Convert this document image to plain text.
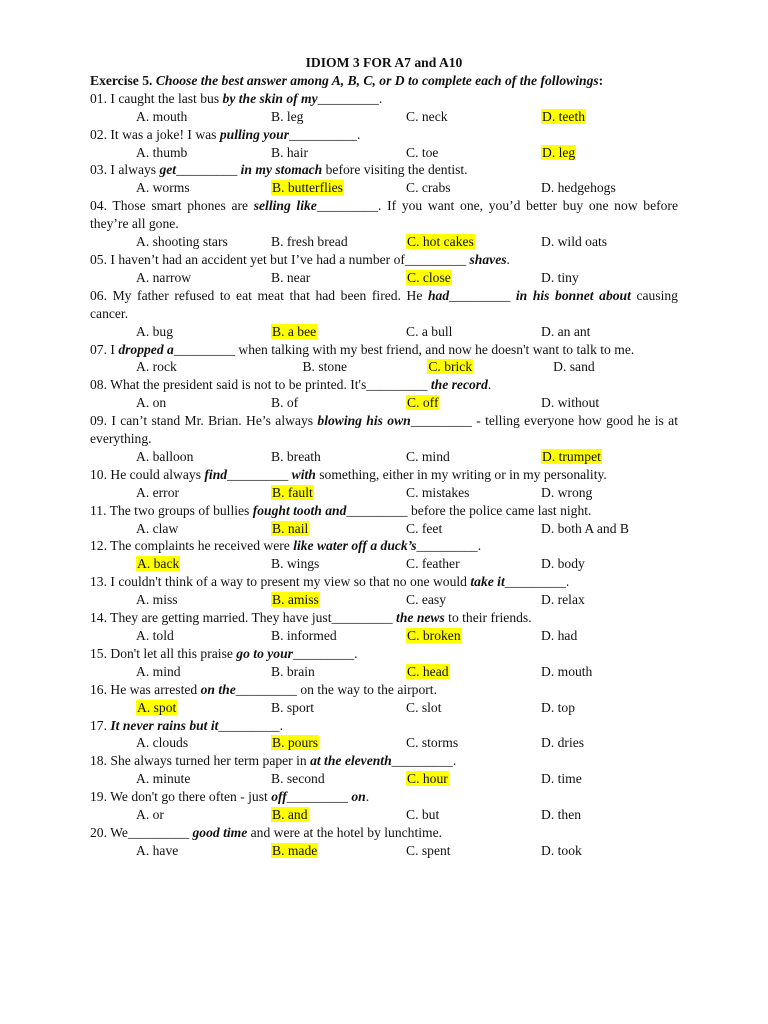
IDIOM 3 FOR A7 and A10
Exercise 5. Choose the best answer among A, B, C, or D to complete each of the followings:
01. I caught the last bus by the skin of my_________.
A. mouth	B. leg	C. neck	D. teeth
02. It was a joke! I was pulling your__________.
A. thumb	B. hair	C. toe	D. leg
03. I always get_________ in my stomach before visiting the dentist.
A. worms	B. butterflies	C. crabs	D. hedgehogs
04. Those smart phones are selling like_________. If you want one, you’d better buy one now before they’re all gone.
A. shooting stars	B. fresh bread	C. hot cakes	D. wild oats
05. I haven’t had an accident yet but I’ve had a number of_________ shaves.
A. narrow	B. near	C. close	D. tiny
06. My father refused to eat meat that had been fired. He had_________ in his bonnet about causing cancer.
A. bug	B. a bee	C. a bull	D. an ant
07. I dropped a_________ when talking with my best friend, and now he doesn't want to talk to me.
A. rock	B. stone	C. brick	D. sand
08. What the president said is not to be printed. It's_________ the record.
A. on	B. of	C. off	D. without
09. I can’t stand Mr. Brian. He’s always blowing his own_________ - telling everyone how good he is at everything.
A. balloon	B. breath	C. mind	D. trumpet
10. He could always find_________ with something, either in my writing or in my personality.
A. error	B. fault	C. mistakes	D. wrong
11. The two groups of bullies fought tooth and_________ before the police came last night.
A. claw	B. nail	C. feet	D. both A and B
12. The complaints he received were like water off a duck’s_________.
A. back	B. wings	C. feather	D. body
13. I couldn't think of a way to present my view so that no one would take it_________.
A. miss	B. amiss	C. easy	D. relax
14. They are getting married. They have just_________ the news to their friends.
A. told	B. informed	C. broken	D. had
15. Don't let all this praise go to your_________.
A. mind	B. brain	C. head	D. mouth
16. He was arrested on the_________ on the way to the airport.
A. spot	B. sport	C. slot	D. top
17. It never rains but it_________.
A. clouds	B. pours	C. storms	D. dries
18. She always turned her term paper in at the eleventh_________.
A. minute	B. second	C. hour	D. time
19. We don't go there often - just off_________ on.
A. or	B. and	C. but	D. then
20. We_________ good time and were at the hotel by lunchtime.
A. have	B. made	C. spent	D. took
